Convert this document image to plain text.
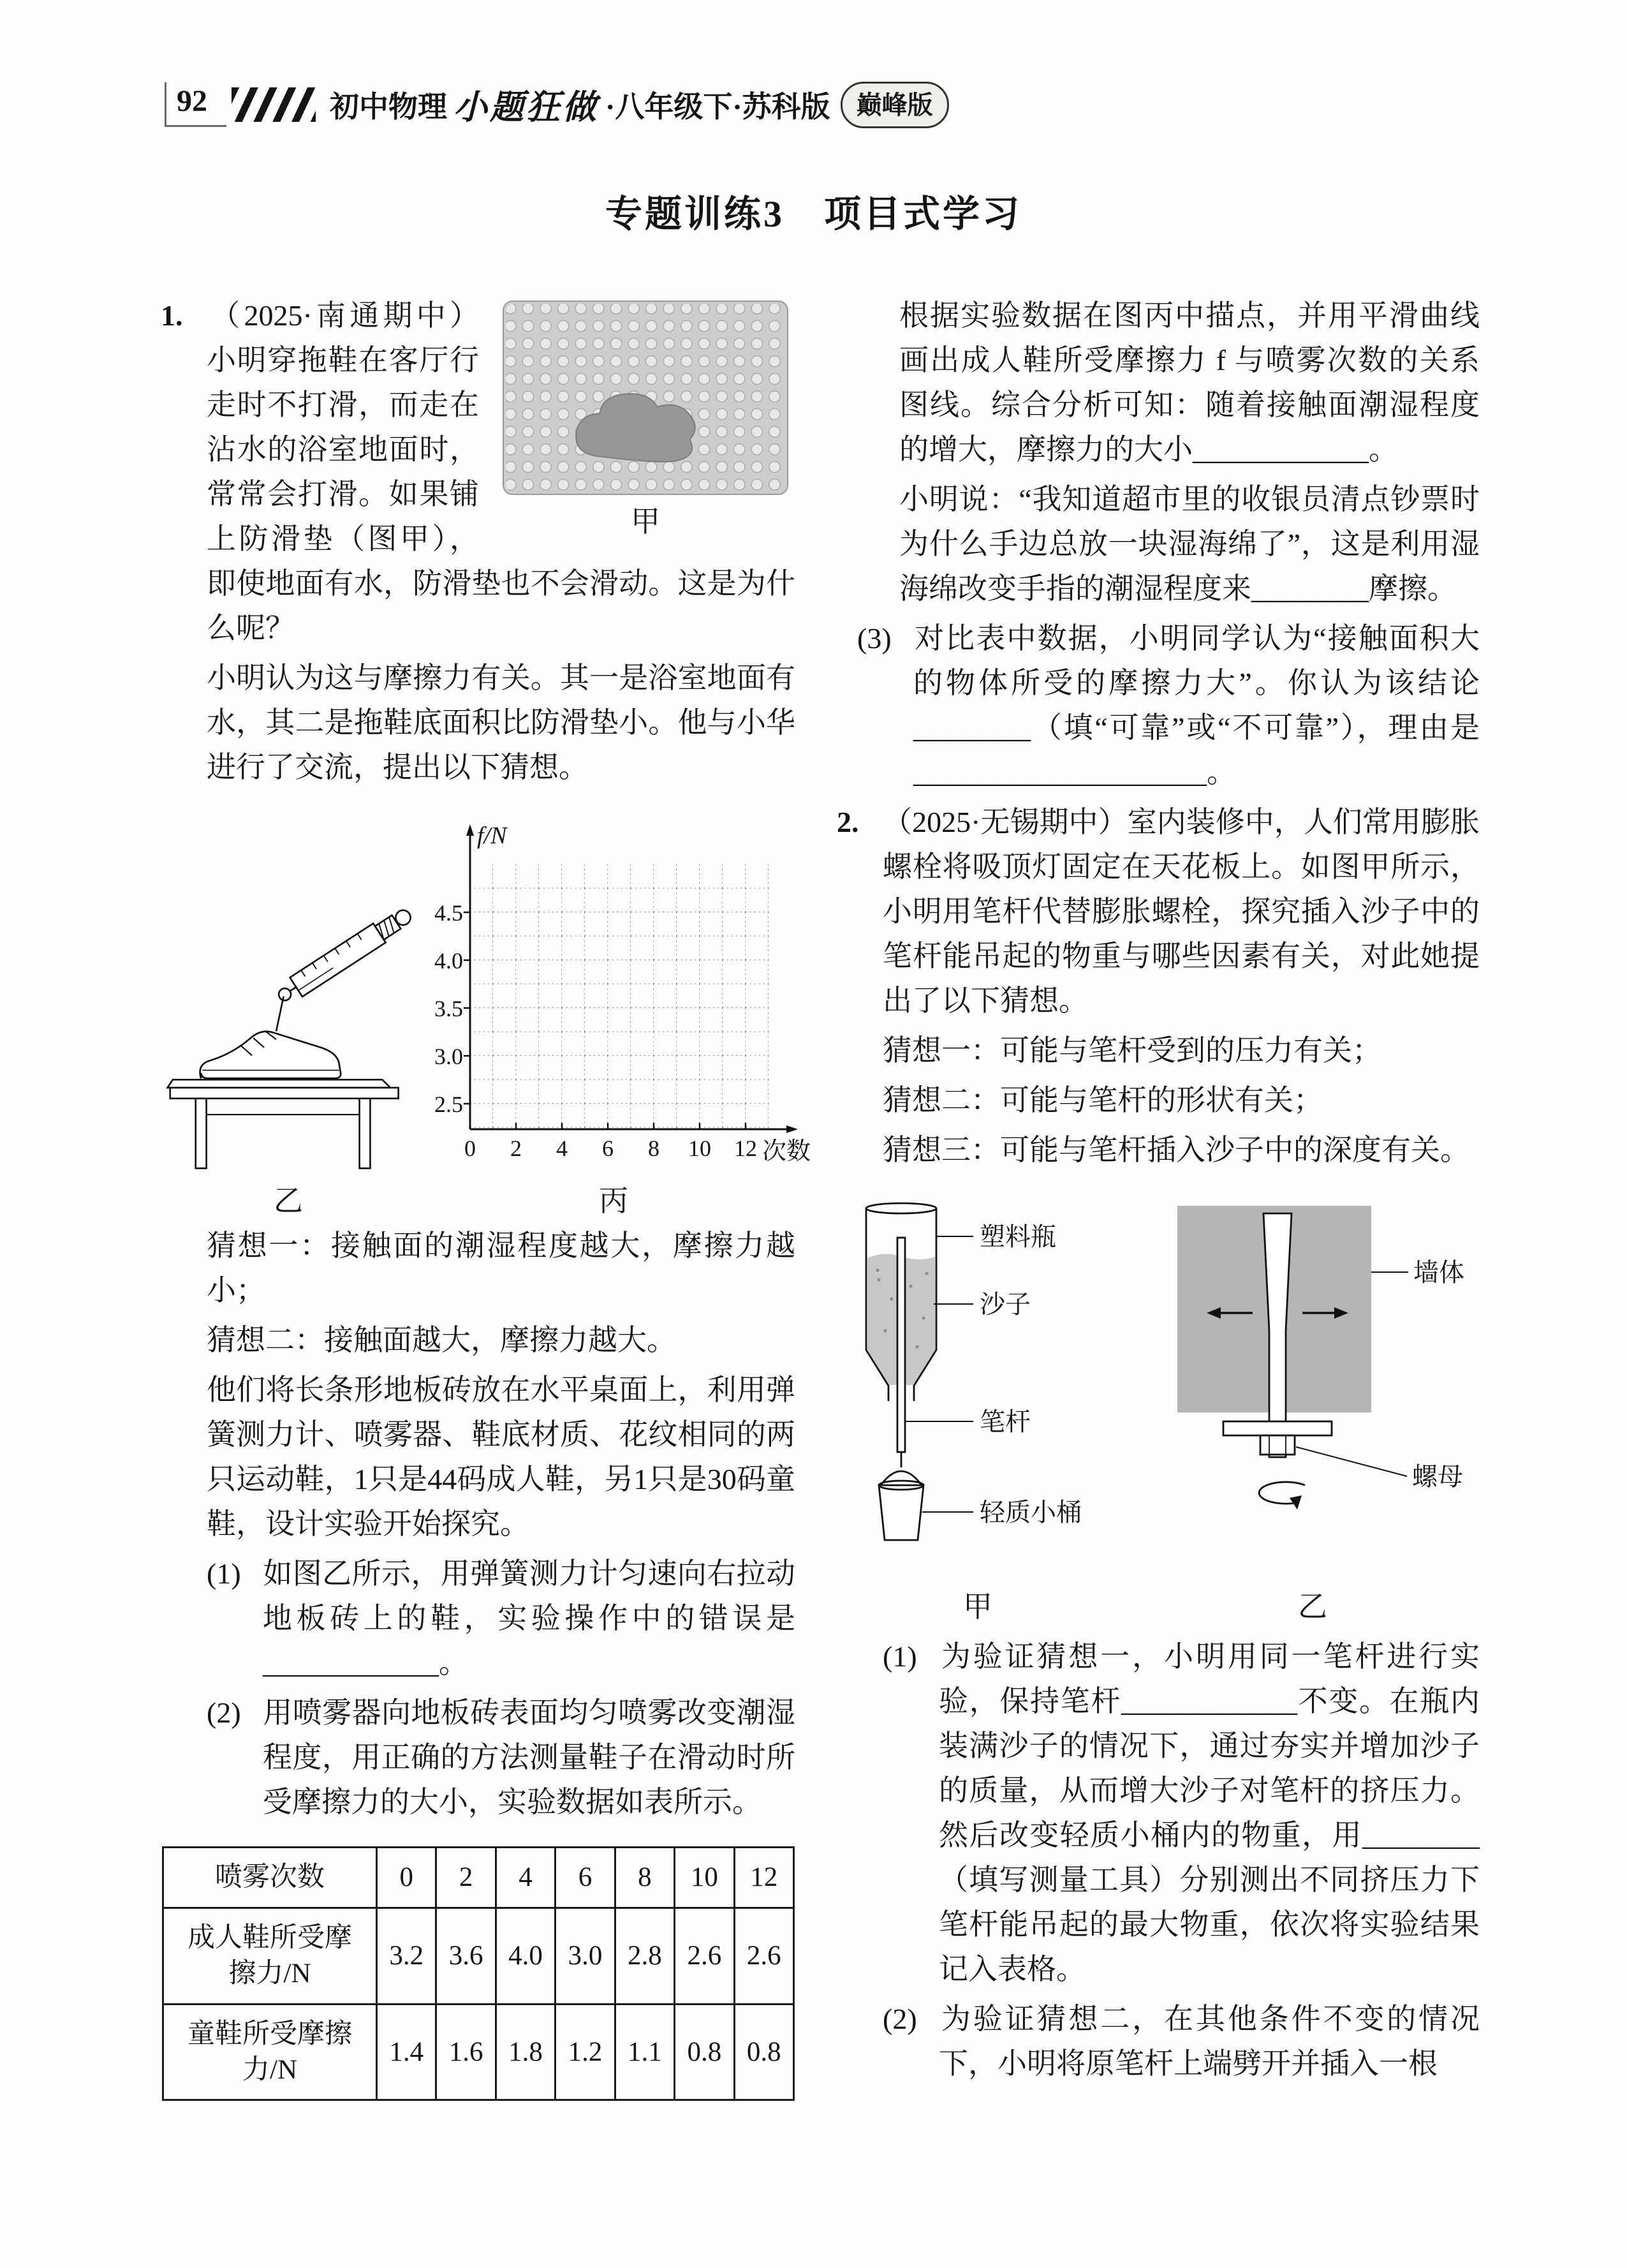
92	初中物理 小题狂做 ·八年级下·苏科版	巅峰版
专题训练3　项目式学习

甲
1. （2025·南通期中）小明穿拖鞋在客厅行走时不打滑，而走在沾水的浴室地面时，常常会打滑。如果铺上防滑垫（图甲），即使地面有水，防滑垫也不会滑动。这是为什么呢？

小明认为这与摩擦力有关。其一是浴室地面有水，其二是拖鞋底面积比防滑垫小。他与小华进行了交流，提出以下猜想。

乙
f/N
4.5
4.0
3.5
3.0
2.5
0 2 4 6 8 10 12 次数
丙

猜想一：接触面的潮湿程度越大，摩擦力越小；

猜想二：接触面越大，摩擦力越大。

他们将长条形地板砖放在水平桌面上，利用弹簧测力计、喷雾器、鞋底材质、花纹相同的两只运动鞋，1只是44码成人鞋，另1只是30码童鞋，设计实验开始探究。

(1) 如图乙所示，用弹簧测力计匀速向右拉动地板砖上的鞋，实验操作中的错误是____________。

(2) 用喷雾器向地板砖表面均匀喷雾改变潮湿程度，用正确的方法测量鞋子在滑动时所受摩擦力的大小，实验数据如表所示。

喷雾次数	0	2	4	6	8	10	12
成人鞋所受摩擦力/N	3.2	3.6	4.0	3.0	2.8	2.6	2.6
童鞋所受摩擦力/N	1.4	1.6	1.8	1.2	1.1	0.8	0.8

根据实验数据在图丙中描点，并用平滑曲线画出成人鞋所受摩擦力 f 与喷雾次数的关系图线。综合分析可知：随着接触面潮湿程度的增大，摩擦力的大小____________。

小明说：“我知道超市里的收银员清点钞票时为什么手边总放一块湿海绵了”，这是利用湿海绵改变手指的潮湿程度来________摩擦。

(3) 对比表中数据，小明同学认为“接触面积大的物体所受的摩擦力大”。你认为该结论________（填“可靠”或“不可靠”），理由是____________________。

2. （2025·无锡期中）室内装修中，人们常用膨胀螺栓将吸顶灯固定在天花板上。如图甲所示，小明用笔杆代替膨胀螺栓，探究插入沙子中的笔杆能吊起的物重与哪些因素有关，对此她提出了以下猜想。

猜想一：可能与笔杆受到的压力有关；

猜想二：可能与笔杆的形状有关；

猜想三：可能与笔杆插入沙子中的深度有关。

塑料瓶
沙子
笔杆
轻质小桶
甲
墙体
螺母
乙

(1) 为验证猜想一，小明用同一笔杆进行实验，保持笔杆____________不变。在瓶内装满沙子的情况下，通过夯实并增加沙子的质量，从而增大沙子对笔杆的挤压力。然后改变轻质小桶内的物重，用________（填写测量工具）分别测出不同挤压力下笔杆能吊起的最大物重，依次将实验结果记入表格。

(2) 为验证猜想二，在其他条件不变的情况下，小明将原笔杆上端劈开并插入一根
